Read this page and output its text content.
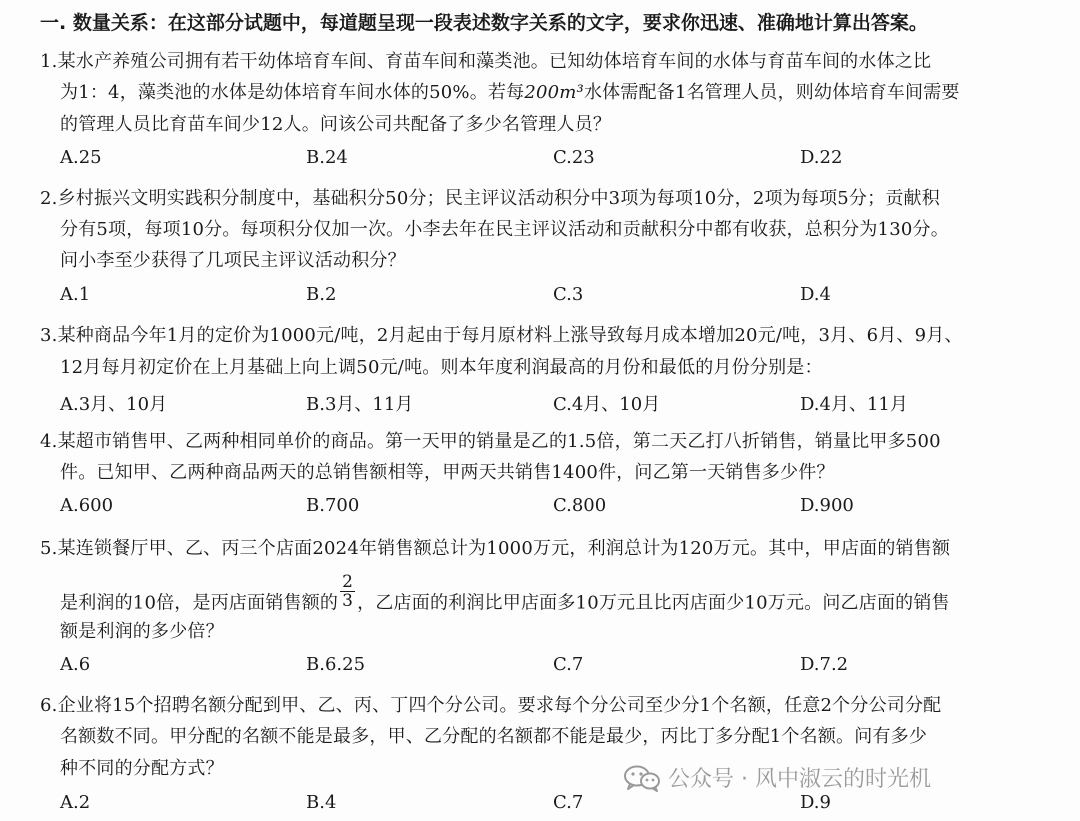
一. 数量关系：在这部分试题中，每道题呈现一段表述数字关系的文字，要求你迅速、准确地计算出答案。
1.某水产养殖公司拥有若干幼体培育车间、育苗车间和藻类池。已知幼体培育车间的水体与育苗车间的水体之比
为1：4，藻类池的水体是幼体培育车间水体的50%。若每200m³水体需配备1名管理人员，则幼体培育车间需要
的管理人员比育苗车间少12人。问该公司共配备了多少名管理人员？
A.25	B.24	C.23	D.22
2.乡村振兴文明实践积分制度中，基础积分50分；民主评议活动积分中3项为每项10分，2项为每项5分；贡献积
分有5项，每项10分。每项积分仅加一次。小李去年在民主评议活动和贡献积分中都有收获，总积分为130分。
问小李至少获得了几项民主评议活动积分？
A.1	B.2	C.3	D.4
3.某种商品今年1月的定价为1000元/吨，2月起由于每月原材料上涨导致每月成本增加20元/吨，3月、6月、9月、
12月每月初定价在上月基础上向上调50元/吨。则本年度利润最高的月份和最低的月份分别是：
A.3月、10月	B.3月、11月	C.4月、10月	D.4月、11月
4.某超市销售甲、乙两种相同单价的商品。第一天甲的销量是乙的1.5倍，第二天乙打八折销售，销量比甲多500
件。已知甲、乙两种商品两天的总销售额相等，甲两天共销售1400件，问乙第一天销售多少件？
A.600	B.700	C.800	D.900
5.某连锁餐厅甲、乙、丙三个店面2024年销售额总计为1000万元，利润总计为120万元。其中，甲店面的销售额
是利润的10倍，是丙店面销售额的 $\frac{2}{3}$ ，乙店面的利润比甲店面多10万元且比丙店面少10万元。问乙店面的销售
额是利润的多少倍？
A.6	B.6.25	C.7	D.7.2
6.企业将15个招聘名额分配到甲、乙、丙、丁四个分公司。要求每个分公司至少分1个名额，任意2个分公司分配
名额数不同。甲分配的名额不能是最多，甲、乙分配的名额都不能是最少，丙比丁多分配1个名额。问有多少
种不同的分配方式？
A.2	B.4	C.7	D.9
公众号 · 风中淑云的时光机
